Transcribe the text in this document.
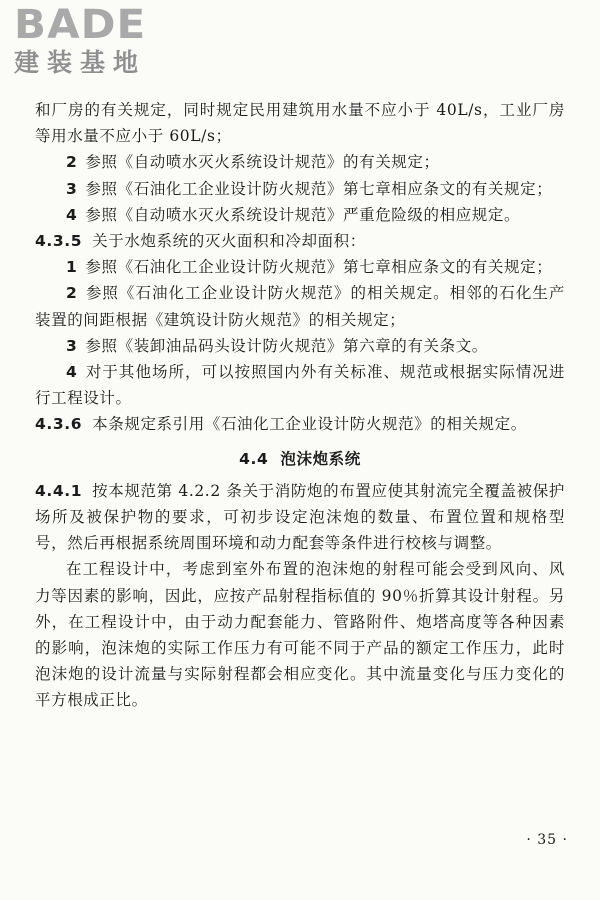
BADE
建装基地

和厂房的有关规定，同时规定民用建筑用水量不应小于 40L/s，工业厂房等用水量不应小于 60L/s；

2 参照《自动喷水灭火系统设计规范》的有关规定；

3 参照《石油化工企业设计防火规范》第七章相应条文的有关规定；

4 参照《自动喷水灭火系统设计规范》严重危险级的相应规定。

4.3.5 关于水炮系统的灭火面积和冷却面积：

1 参照《石油化工企业设计防火规范》第七章相应条文的有关规定；

2 参照《石油化工企业设计防火规范》的相关规定。相邻的石化生产装置的间距根据《建筑设计防火规范》的相关规定；

3 参照《装卸油品码头设计防火规范》第六章的有关条文。

4 对于其他场所，可以按照国内外有关标准、规范或根据实际情况进行工程设计。

4.3.6 本条规定系引用《石油化工企业设计防火规范》的相关规定。

4.4 泡沫炮系统

4.4.1 按本规范第 4.2.2 条关于消防炮的布置应使其射流完全覆盖被保护场所及被保护物的要求，可初步设定泡沫炮的数量、布置位置和规格型号，然后再根据系统周围环境和动力配套等条件进行校核与调整。

在工程设计中，考虑到室外布置的泡沫炮的射程可能会受到风向、风力等因素的影响，因此，应按产品射程指标值的 90％折算其设计射程。另外，在工程设计中，由于动力配套能力、管路附件、炮塔高度等各种因素的影响，泡沫炮的实际工作压力有可能不同于产品的额定工作压力，此时泡沫炮的设计流量与实际射程都会相应变化。其中流量变化与压力变化的平方根成正比。

· 35 ·
